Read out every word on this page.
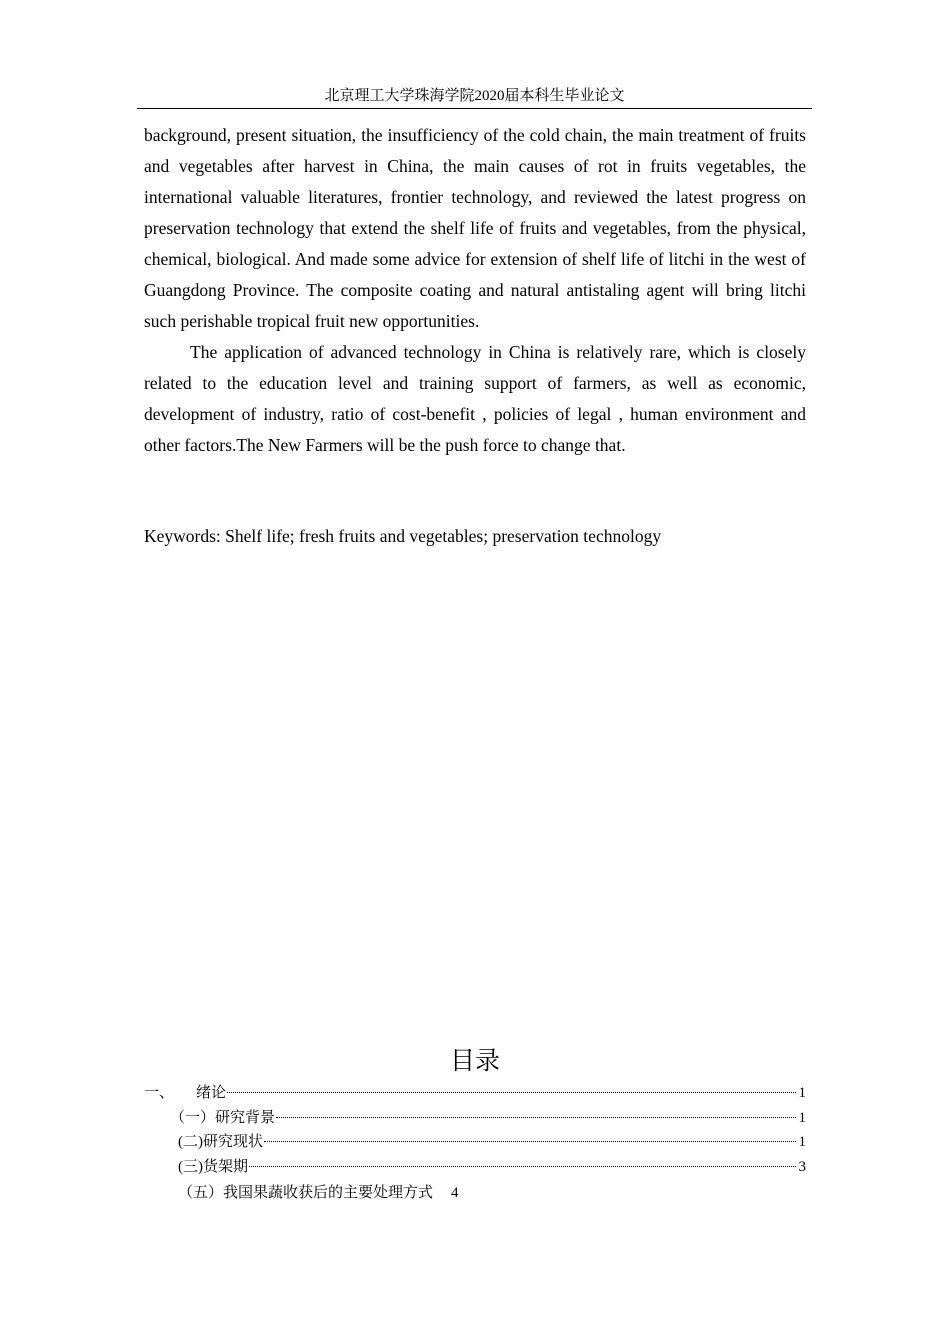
北京理工大学珠海学院2020届本科生毕业论文

background, present situation, the insufficiency of the cold chain, the main treatment of fruits and vegetables after harvest in China, the main causes of rot in fruits vegetables, the international valuable literatures, frontier technology, and reviewed the latest progress on preservation technology that extend the shelf life of fruits and vegetables, from the physical, chemical, biological. And made some advice for extension of shelf life of litchi in the west of Guangdong Province. The composite coating and natural antistaling agent will bring litchi such perishable tropical fruit new opportunities.

The application of advanced technology in China is relatively rare, which is closely related to the education level and training support of farmers, as well as economic, development of industry, ratio of cost-benefit , policies of legal , human environment and other factors.The New Farmers will be the push force to change that.

Keywords: Shelf life; fresh fruits and vegetables; preservation technology
目录
一、 绪论	1
（一）研究背景	1
(二)研究现状	1
(三)货架期	3
（五）我国果蔬收获后的主要处理方式 4
